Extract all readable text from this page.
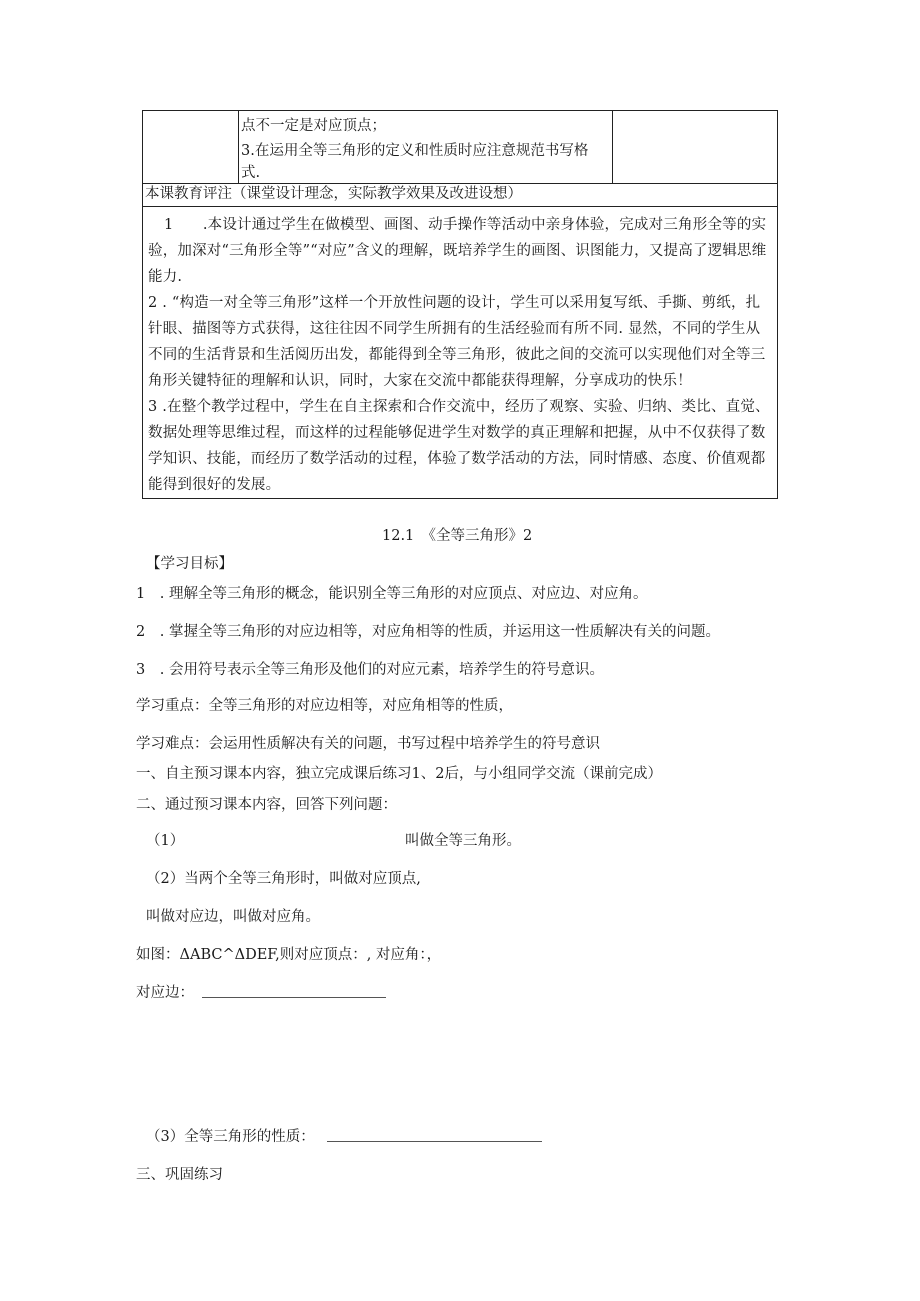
点不一定是对应顶点；
3.在运用全等三角形的定义和性质时应注意规范书写格
式.
本课教育评注（课堂设计理念，实际教学效果及改进设想）
1　　.本设计通过学生在做模型、画图、动手操作等活动中亲身体验，完成对三角形全等的实验，加深对“三角形全等”“对应”含义的理解，既培养学生的画图、识图能力，又提高了逻辑思维能力.
2 . “构造一对全等三角形”这样一个开放性问题的设计，学生可以采用复写纸、手撕、剪纸，扎针眼、描图等方式获得，这往往因不同学生所拥有的生活经验而有所不同. 显然，不同的学生从不同的生活背景和生活阅历出发，都能得到全等三角形，彼此之间的交流可以实现他们对全等三角形关键特征的理解和认识，同时，大家在交流中都能获得理解，分享成功的快乐！
3 .在整个教学过程中，学生在自主探索和合作交流中，经历了观察、实验、归纳、类比、直觉、数据处理等思维过程，而这样的过程能够促进学生对数学的真正理解和把握，从中不仅获得了数学知识、技能，而经历了数学活动的过程，体验了数学活动的方法，同时情感、态度、价值观都能得到很好的发展。
12.1　《全等三角形》2
【学习目标】
1　. 理解全等三角形的概念，能识别全等三角形的对应顶点、对应边、对应角。
2　. 掌握全等三角形的对应边相等，对应角相等的性质，并运用这一性质解决有关的问题。
3　. 会用符号表示全等三角形及他们的对应元素，培养学生的符号意识。
学习重点：全等三角形的对应边相等，对应角相等的性质，
学习难点：会运用性质解决有关的问题，书写过程中培养学生的符号意识
一、自主预习课本内容，独立完成课后练习1、2后，与小组同学交流（课前完成）
二、通过预习课本内容，回答下列问题：
（1）	叫做全等三角形。
（2）当两个全等三角形时，叫做对应顶点,
叫做对应边，叫做对应角。
如图：ΔABC^ΔDEF,则对应顶点：, 对应角：，
对应边：
（3）全等三角形的性质：
三、巩固练习
